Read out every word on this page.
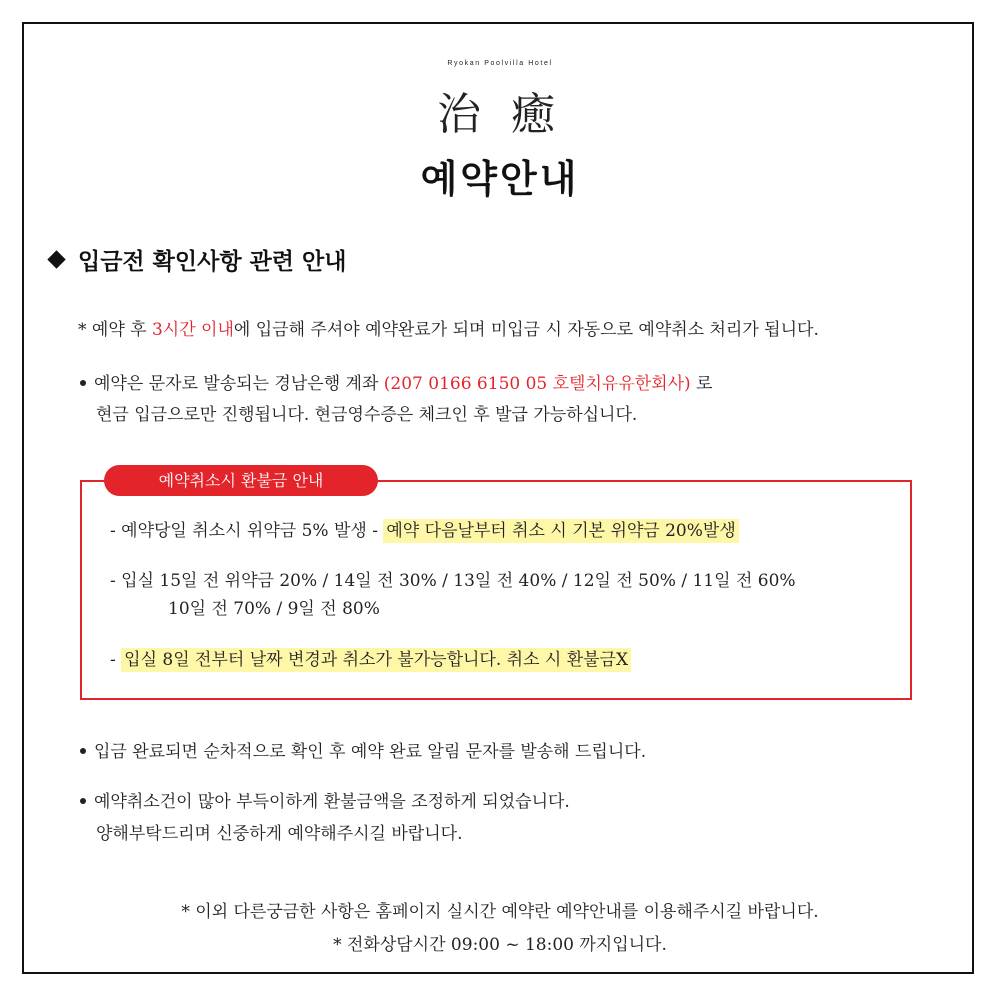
Ryokan Poolvilla Hotel
治 癒
예약안내
입금전 확인사항 관련 안내
* 예약 후 3시간 이내에 입금해 주셔야 예약완료가 되며 미입금 시 자동으로 예약취소 처리가 됩니다.
예약은 문자로 발송되는 경남은행 계좌 (207 0166 6150 05 호텔치유유한회사) 로
현금 입금으로만 진행됩니다. 현금영수증은 체크인 후 발급 가능하십니다.
예약취소시 환불금 안내
- 예약당일 취소시 위약금 5% 발생 - 예약 다음날부터 취소 시 기본 위약금 20%발생
- 입실 15일 전 위약금 20% / 14일 전 30% / 13일 전 40% / 12일 전 50% / 11일 전 60%
10일 전 70% / 9일 전 80%
- 입실 8일 전부터 날짜 변경과 취소가 불가능합니다. 취소 시 환불금X
입금 완료되면 순차적으로 확인 후 예약 완료 알림 문자를 발송해 드립니다.
예약취소건이 많아 부득이하게 환불금액을 조정하게 되었습니다.
양해부탁드리며 신중하게 예약해주시길 바랍니다.
* 이외 다른궁금한 사항은 홈페이지 실시간 예약란 예약안내를 이용해주시길 바랍니다.
* 전화상담시간 09:00 ~ 18:00 까지입니다.
